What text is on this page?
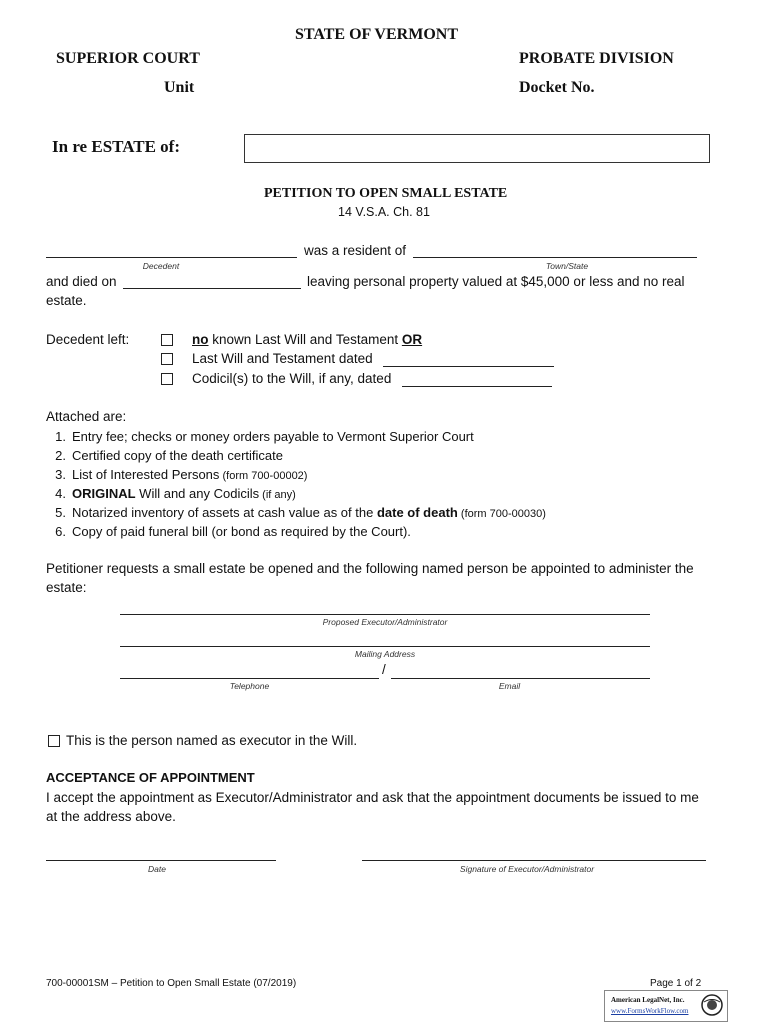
STATE OF VERMONT
SUPERIOR COURT	PROBATE DIVISION
Unit	Docket No.
In re ESTATE of:
PETITION TO OPEN SMALL ESTATE
14 V.S.A. Ch. 81
was a resident of
Decedent	Town/State
and died on	leaving personal property valued at $45,000 or less and no real
estate.
Decedent left:	no known Last Will and Testament OR
Last Will and Testament dated
Codicil(s) to the Will, if any, dated
Attached are:
1. Entry fee; checks or money orders payable to Vermont Superior Court
2. Certified copy of the death certificate
3. List of Interested Persons (form 700-00002)
4. ORIGINAL Will and any Codicils (if any)
5. Notarized inventory of assets at cash value as of the date of death (form 700-00030)
6. Copy of paid funeral bill (or bond as required by the Court).
Petitioner requests a small estate be opened and the following named person be appointed to administer the
estate:
Proposed Executor/Administrator
Mailing Address
/
Telephone	Email
This is the person named as executor in the Will.
ACCEPTANCE OF APPOINTMENT
I accept the appointment as Executor/Administrator and ask that the appointment documents be issued to me
at the address above.
Date	Signature of Executor/Administrator
700-00001SM – Petition to Open Small Estate (07/2019)	Page 1 of 2
American LegalNet, Inc.
www.FormsWorkFlow.com
